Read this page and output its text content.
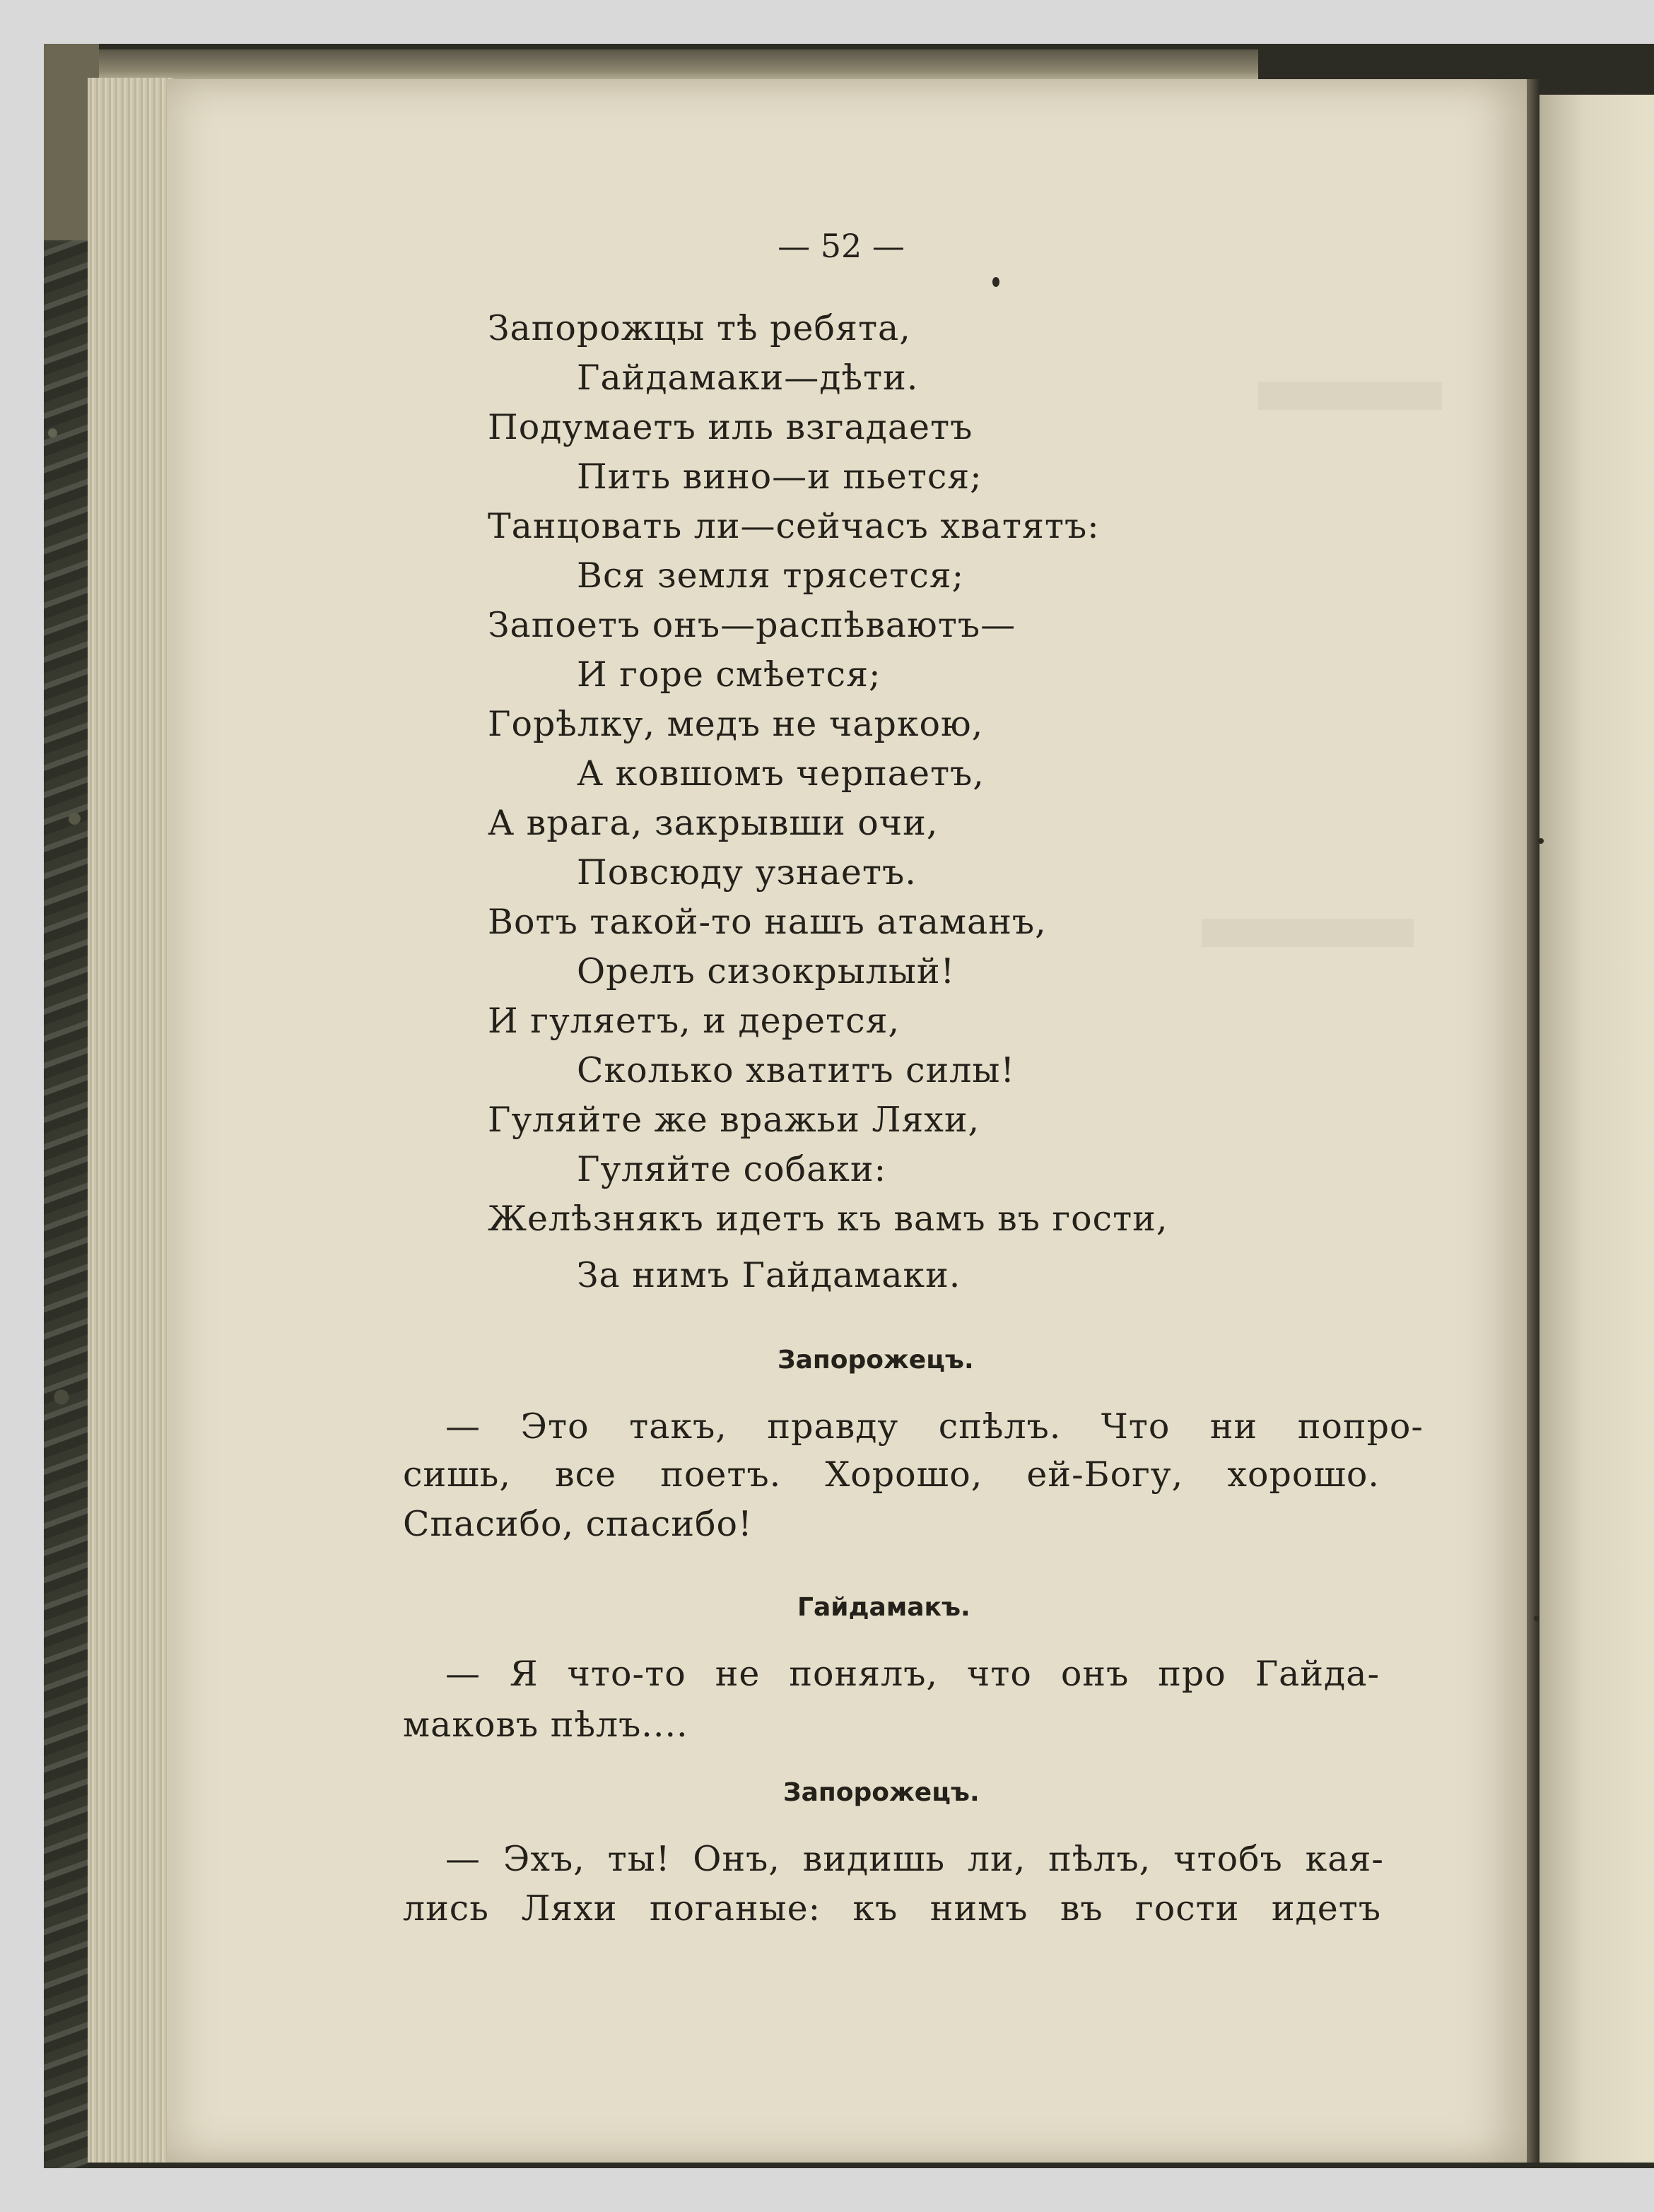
— 52 —
Запорожцы тѣ ребята,
Гайдамаки—дѣти.
Подумаетъ иль взгадаетъ
Пить вино—и пьется;
Танцовать ли—сейчасъ хватятъ:
Вся земля трясется;
Запоетъ онъ—распѣваютъ—
И горе смѣется;
Горѣлку, медъ не чаркою,
А ковшомъ черпаетъ,
А врага, закрывши очи,
Повсюду узнаетъ.
Вотъ такой-то нашъ атаманъ,
Орелъ сизокрылый!
И гуляетъ, и дерется,
Сколько хватитъ силы!
Гуляйте же вражьи Ляхи,
Гуляйте собаки:
Желѣзнякъ идетъ къ вамъ въ гости,
За нимъ Гайдамаки.
Запорожецъ.
— Это такъ, правду спѣлъ. Что ни попро-
сишь, все поетъ. Хорошо, ей-Богу, хорошо.
Спасибо, спасибо!
Гайдамакъ.
— Я что-то не понялъ, что онъ про Гайда-
маковъ пѣлъ....
Запорожецъ.
— Эхъ, ты! Онъ, видишь ли, пѣлъ, чтобъ кая-
лись Ляхи поганые: къ нимъ въ гости идетъ
